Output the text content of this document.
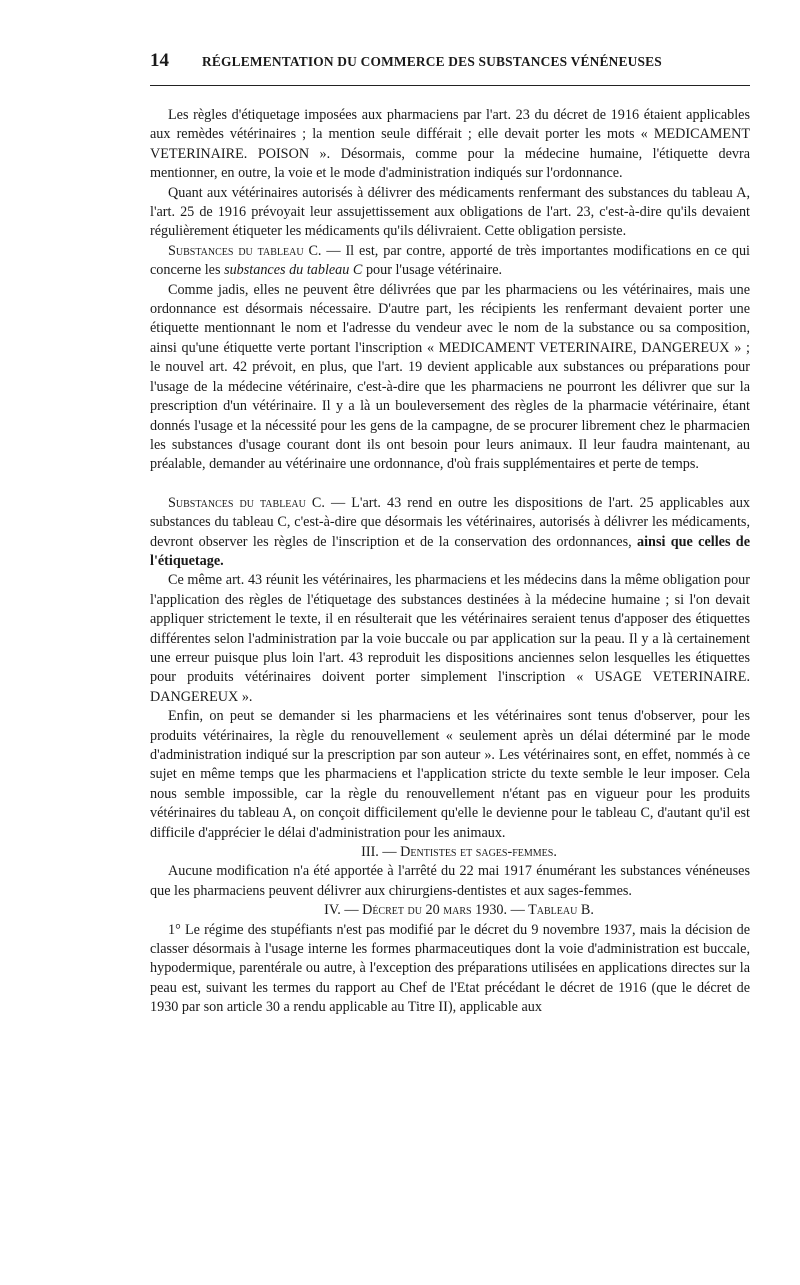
14	RÉGLEMENTATION DU COMMERCE DES SUBSTANCES VÉNÉNEUSES

Les règles d'étiquetage imposées aux pharmaciens par l'art. 23 du décret de 1916 étaient applicables aux remèdes vétérinaires ; la mention seule différait ; elle devait porter les mots « MEDICAMENT VETERINAIRE. POISON ». Désormais, comme pour la médecine humaine, l'étiquette devra mentionner, en outre, la voie et le mode d'administration indiqués sur l'ordonnance.

Quant aux vétérinaires autorisés à délivrer des médicaments renfermant des substances du tableau A, l'art. 25 de 1916 prévoyait leur assujettissement aux obligations de l'art. 23, c'est-à-dire qu'ils devaient régulièrement étiqueter les médicaments qu'ils délivraient. Cette obligation persiste.

Substances du tableau C. — Il est, par contre, apporté de très importantes modifications en ce qui concerne les substances du tableau C pour l'usage vétérinaire.

Comme jadis, elles ne peuvent être délivrées que par les pharmaciens ou les vétérinaires, mais une ordonnance est désormais nécessaire. D'autre part, les récipients les renfermant devaient porter une étiquette mentionnant le nom et l'adresse du vendeur avec le nom de la substance ou sa composition, ainsi qu'une étiquette verte portant l'inscription « MEDICAMENT VETERINAIRE, DANGEREUX » ; le nouvel art. 42 prévoit, en plus, que l'art. 19 devient applicable aux substances ou préparations pour l'usage de la médecine vétérinaire, c'est-à-dire que les pharmaciens ne pourront les délivrer que sur la prescription d'un vétérinaire. Il y a là un bouleversement des règles de la pharmacie vétérinaire, étant donnés l'usage et la nécessité pour les gens de la campagne, de se procurer librement chez le pharmacien les substances d'usage courant dont ils ont besoin pour leurs animaux. Il leur faudra maintenant, au préalable, demander au vétérinaire une ordonnance, d'où frais supplémentaires et perte de temps.

Substances du tableau C. — L'art. 43 rend en outre les dispositions de l'art. 25 applicables aux substances du tableau C, c'est-à-dire que désormais les vétérinaires, autorisés à délivrer les médicaments, devront observer les règles de l'inscription et de la conservation des ordonnances, ainsi que celles de l'étiquetage.

Ce même art. 43 réunit les vétérinaires, les pharmaciens et les médecins dans la même obligation pour l'application des règles de l'étiquetage des substances destinées à la médecine humaine ; si l'on devait appliquer strictement le texte, il en résulterait que les vétérinaires seraient tenus d'apposer des étiquettes différentes selon l'administration par la voie buccale ou par application sur la peau. Il y a là certainement une erreur puisque plus loin l'art. 43 reproduit les dispositions anciennes selon lesquelles les étiquettes pour produits vétérinaires doivent porter simplement l'inscription « USAGE VETERINAIRE. DANGEREUX ».

Enfin, on peut se demander si les pharmaciens et les vétérinaires sont tenus d'observer, pour les produits vétérinaires, la règle du renouvellement « seulement après un délai déterminé par le mode d'administration indiqué sur la prescription par son auteur ». Les vétérinaires sont, en effet, nommés à ce sujet en même temps que les pharmaciens et l'application stricte du texte semble le leur imposer. Cela nous semble impossible, car la règle du renouvellement n'étant pas en vigueur pour les produits vétérinaires du tableau A, on conçoit difficilement qu'elle le devienne pour le tableau C, d'autant qu'il est difficile d'apprécier le délai d'administration pour les animaux.

III. — Dentistes et sages-femmes.

Aucune modification n'a été apportée à l'arrêté du 22 mai 1917 énumérant les substances vénéneuses que les pharmaciens peuvent délivrer aux chirurgiens-dentistes et aux sages-femmes.

IV. — Décret du 20 mars 1930. — Tableau B.

1° Le régime des stupéfiants n'est pas modifié par le décret du 9 novembre 1937, mais la décision de classer désormais à l'usage interne les formes pharmaceutiques dont la voie d'administration est buccale, hypodermique, parentérale ou autre, à l'exception des préparations utilisées en applications directes sur la peau est, suivant les termes du rapport au Chef de l'Etat précédant le décret de 1916 (que le décret de 1930 par son article 30 a rendu applicable au Titre II), applicable aux
